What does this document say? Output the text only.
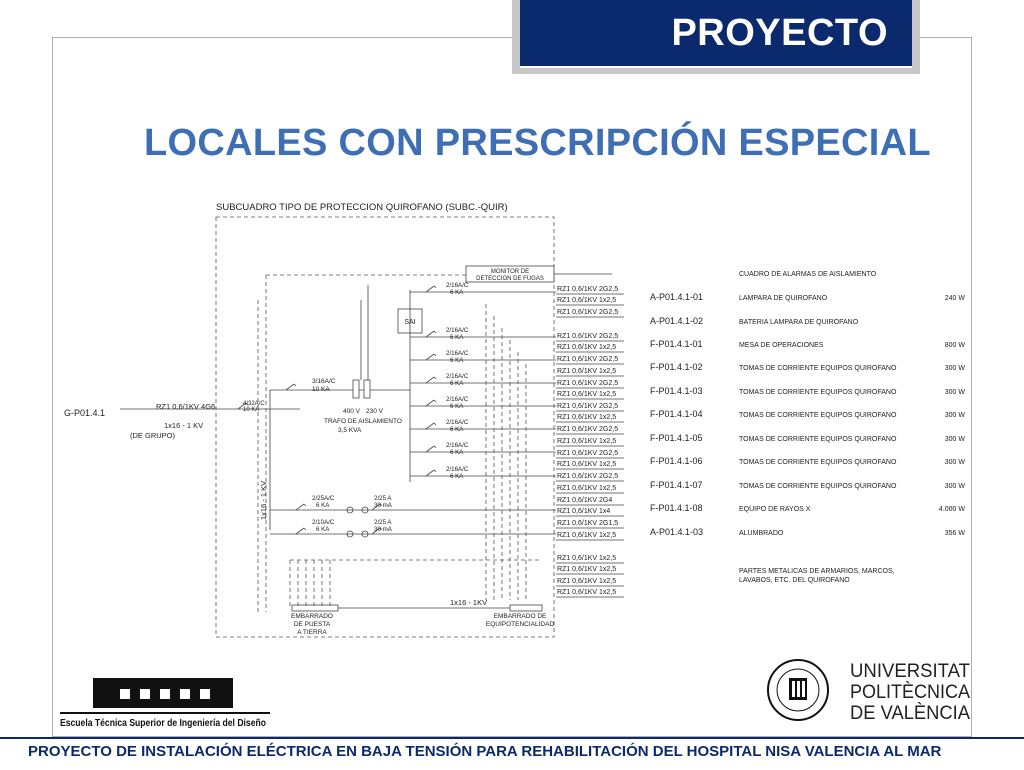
PROYECTO
LOCALES CON PRESCRIPCIÓN ESPECIAL
SUBCUADRO TIPO DE PROTECCION QUIROFANO (SUBC.-QUIR)
MONITOR DE
DETECCION DE FUGAS
SAI
G-P01.4.1
RZ1 0,6/1KV 4G6
1x16 - 1 KV
(DE GRUPO)
4/32A/C
10 KA
1x16 - 1 KV
3/16A/C
10 KA
400 V 230 V
TRAFO DE AISLAMIENTO
3,5 KVA
2/16A/C
6 KA
2/16A/C
6 KA
2/16A/C
6 KA
2/16A/C
6 KA
2/16A/C
6 KA
2/16A/C
6 KA
2/16A/C
6 KA
2/16A/C
6 KA
2/25A/C
6 KA
2/25 A
30 mA
2/10A/C
6 KA
2/25 A
30 mA
RZ1 0,6/1KV 2G2,5
RZ1 0,6/1KV 1x2,5
RZ1 0,6/1KV 2G2,5
RZ1 0,6/1KV 2G2,5
RZ1 0,6/1KV 1x2,5
RZ1 0,6/1KV 2G2,5
RZ1 0,6/1KV 1x2,5
RZ1 0,6/1KV 2G2,5
RZ1 0,6/1KV 1x2,5
RZ1 0,6/1KV 2G2,5
RZ1 0,6/1KV 1x2,5
RZ1 0,6/1KV 2G2,5
RZ1 0,6/1KV 1x2,5
RZ1 0,6/1KV 2G2,5
RZ1 0,6/1KV 1x2,5
RZ1 0,6/1KV 2G2,5
RZ1 0,6/1KV 1x2,5
RZ1 0,6/1KV 2G4
RZ1 0,6/1KV 1x4
RZ1 0,6/1KV 2G1,5
RZ1 0,6/1KV 1x2,5
RZ1 0,6/1KV 1x2,5
RZ1 0,6/1KV 1x2,5
RZ1 0,6/1KV 1x2,5
RZ1 0,6/1KV 1x2,5
EMBARRADO
DE PUESTA
A TIERRA
EMBARRADO DE
EQUIPOTENCIALIDAD
1x16 - 1KV
CUADRO DE ALARMAS DE AISLAMIENTO
A-P01.4.1-01	LAMPARA DE QUIROFANO	240 W
A-P01.4.1-02	BATERIA LAMPARA DE QUIROFANO
F-P01.4.1-01	MESA DE OPERACIONES	800 W
F-P01.4.1-02	TOMAS DE CORRIENTE EQUIPOS QUIROFANO	300 W
F-P01.4.1-03	TOMAS DE CORRIENTE EQUIPOS QUIROFANO	300 W
F-P01.4.1-04	TOMAS DE CORRIENTE EQUIPOS QUIROFANO	300 W
F-P01.4.1-05	TOMAS DE CORRIENTE EQUIPOS QUIROFANO	300 W
F-P01.4.1-06	TOMAS DE CORRIENTE EQUIPOS QUIROFANO	300 W
F-P01.4.1-07	TOMAS DE CORRIENTE EQUIPOS QUIROFANO	300 W
F-P01.4.1-08	EQUIPO DE RAYOS X	4.000 W
A-P01.4.1-03	ALUMBRADO	356 W
PARTES METALICAS DE ARMARIOS, MARCOS,
LAVABOS, ETC. DEL QUIROFANO
Escuela Técnica Superior de Ingeniería del Diseño
UNIVERSITAT
POLITÈCNICA
DE VALÈNCIA
PROYECTO DE INSTALACIÓN ELÉCTRICA EN BAJA TENSIÓN PARA REHABILITACIÓN DEL HOSPITAL NISA VALENCIA AL MAR
